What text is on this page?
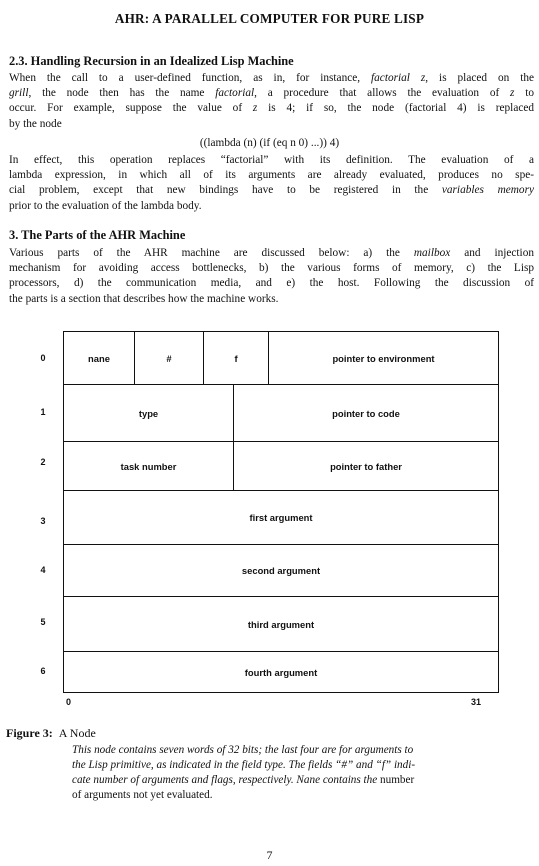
AHR: A PARALLEL COMPUTER FOR PURE LISP
2.3. Handling Recursion in an Idealized Lisp Machine
When the call to a user-defined function, as in, for instance, factorial z, is placed on the
grill, the node then has the name factorial, a procedure that allows the evaluation of z to
occur. For example, suppose the value of z is 4; if so, the node (factorial 4) is replaced
by the node
((lambda (n) (if (eq n 0) ...)) 4)
In effect, this operation replaces “factorial” with its definition. The evaluation of a
lambda expression, in which all of its arguments are already evaluated, produces no spe-
cial problem, except that new bindings have to be registered in the variables memory
prior to the evaluation of the lambda body.
3. The Parts of the AHR Machine
Various parts of the AHR machine are discussed below: a) the mailbox and injection
mechanism for avoiding access bottlenecks, b) the various forms of memory, c) the Lisp
processors, d) the communication media, and e) the host. Following the discussion of
the parts is a section that describes how the machine works.
0
1
2
3
4
5
6
nane	#	f	pointer to environment
type	pointer to code
task number	pointer to father
first argument
second argument
third argument
fourth argument
0	31
Figure 3: A Node
This node contains seven words of 32 bits; the last four are for arguments to
the Lisp primitive, as indicated in the field type. The fields “#” and “f” indi-
cate number of arguments and flags, respectively. Nane contains the number
of arguments not yet evaluated.
7
